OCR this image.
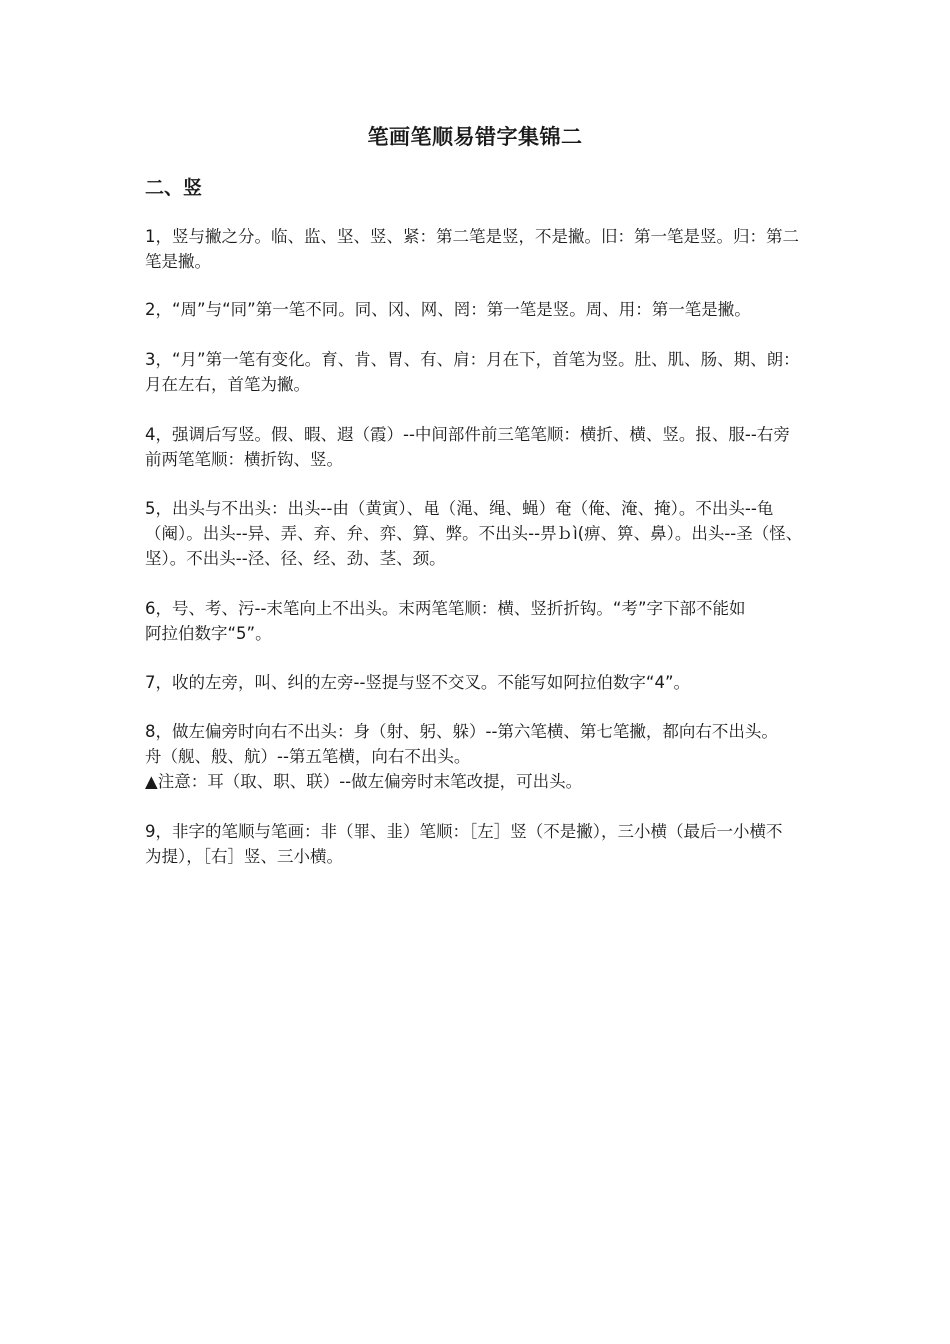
笔画笔顺易错字集锦二
二、竖
1，竖与撇之分。临、监、坚、竖、紧：第二笔是竖，不是撇。旧：第一笔是竖。归：第二
笔是撇。
2，“周”与“同”第一笔不同。同、冈、网、罔：第一笔是竖。周、用：第一笔是撇。
3，“月”第一笔有变化。育、肯、胃、有、肩：月在下，首笔为竖。肚、肌、肠、期、朗：
月在左右，首笔为撇。
4，强调后写竖。假、暇、遐（霞）--中间部件前三笔笔顺：横折、横、竖。报、服--右旁
前两笔笔顺：横折钩、竖。
5，出头与不出头：出头--由（黄寅）、黾（渑、绳、蝇）奄（俺、淹、掩）。不出头--龟
（阉）。出头--异、弄、弃、弁、弈、算、弊。不出头--畀ｂì(痹、箅、鼻）。出头--圣（怪、
坚）。不出头--泾、径、经、劲、茎、颈。
6，号、考、污--末笔向上不出头。末两笔笔顺：横、竖折折钩。“考”字下部不能如
阿拉伯数字“5”。
7，收的左旁，叫、纠的左旁--竖提与竖不交叉。不能写如阿拉伯数字“4”。
8，做左偏旁时向右不出头：身（射、躬、躲）--第六笔横、第七笔撇，都向右不出头。
舟（舰、般、航）--第五笔横，向右不出头。
▲注意：耳（取、职、联）--做左偏旁时末笔改提，可出头。
9，非字的笔顺与笔画：非（罪、韭）笔顺：［左］竖（不是撇），三小横（最后一小横不
为提），［右］竖、三小横。
